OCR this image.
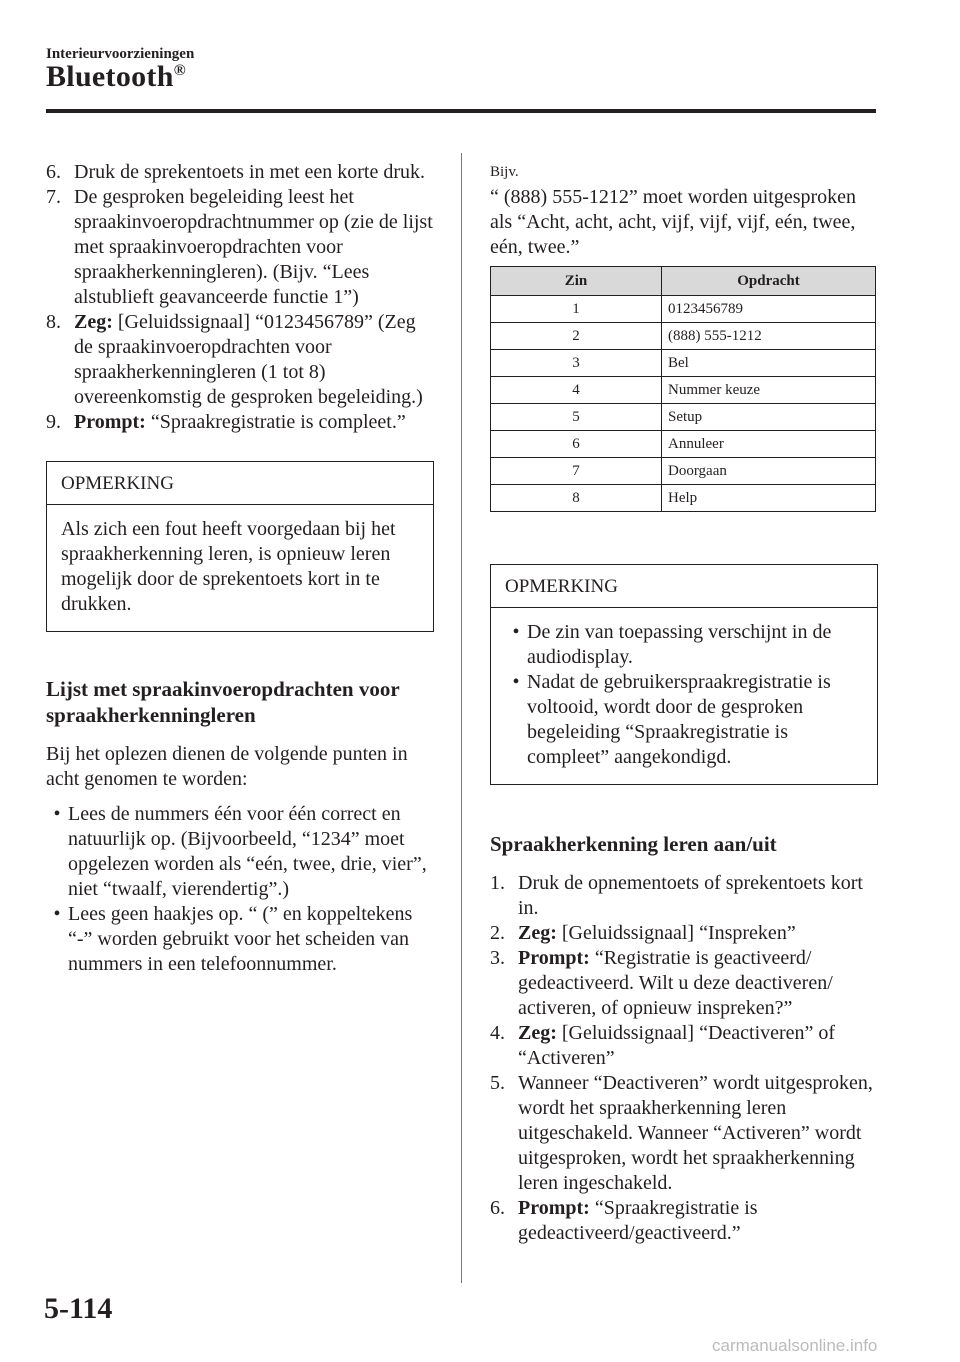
Interieurvoorzieningen
Bluetooth®
6. Druk de sprekentoets in met een korte druk.
7. De gesproken begeleiding leest het spraakinvoeropdrachtnummer op (zie de lijst met spraakinvoeropdrachten voor spraakherkenningleren). (Bijv. “Lees alstublieft geavanceerde functie 1”)
8. Zeg: [Geluidssignaal] “0123456789” (Zeg de spraakinvoeropdrachten voor spraakherkenningleren (1 tot 8) overeenkomstig de gesproken begeleiding.)
9. Prompt: “Spraakregistratie is compleet.”
OPMERKING
Als zich een fout heeft voorgedaan bij het spraakherkenning leren, is opnieuw leren mogelijk door de sprekentoets kort in te drukken.
Lijst met spraakinvoeropdrachten voor spraakherkenningleren
Bij het oplezen dienen de volgende punten in acht genomen te worden:
• Lees de nummers één voor één correct en natuurlijk op. (Bijvoorbeeld, “1234” moet opgelezen worden als “eén, twee, drie, vier”, niet “twaalf, vierendertig”.)
• Lees geen haakjes op. “ (” en koppeltekens “-” worden gebruikt voor het scheiden van nummers in een telefoonnummer.
Bijv.
“ (888) 555-1212” moet worden uitgesproken als “Acht, acht, acht, vijf, vijf, vijf, eén, twee, eén, twee.”
Zin	Opdracht
1	0123456789
2	(888) 555-1212
3	Bel
4	Nummer keuze
5	Setup
6	Annuleer
7	Doorgaan
8	Help
OPMERKING
• De zin van toepassing verschijnt in de audiodisplay.
• Nadat de gebruikerspraakregistratie is voltooid, wordt door de gesproken begeleiding “Spraakregistratie is compleet” aangekondigd.
Spraakherkenning leren aan/uit
1. Druk de opnementoets of sprekentoets kort in.
2. Zeg: [Geluidssignaal] “Inspreken”
3. Prompt: “Registratie is geactiveerd/ gedeactiveerd. Wilt u deze deactiveren/ activeren, of opnieuw inspreken?”
4. Zeg: [Geluidssignaal] “Deactiveren” of “Activeren”
5. Wanneer “Deactiveren” wordt uitgesproken, wordt het spraakherkenning leren uitgeschakeld. Wanneer “Activeren” wordt uitgesproken, wordt het spraakherkenning leren ingeschakeld.
6. Prompt: “Spraakregistratie is gedeactiveerd/geactiveerd.”
5-114
carmanualsonline.info
